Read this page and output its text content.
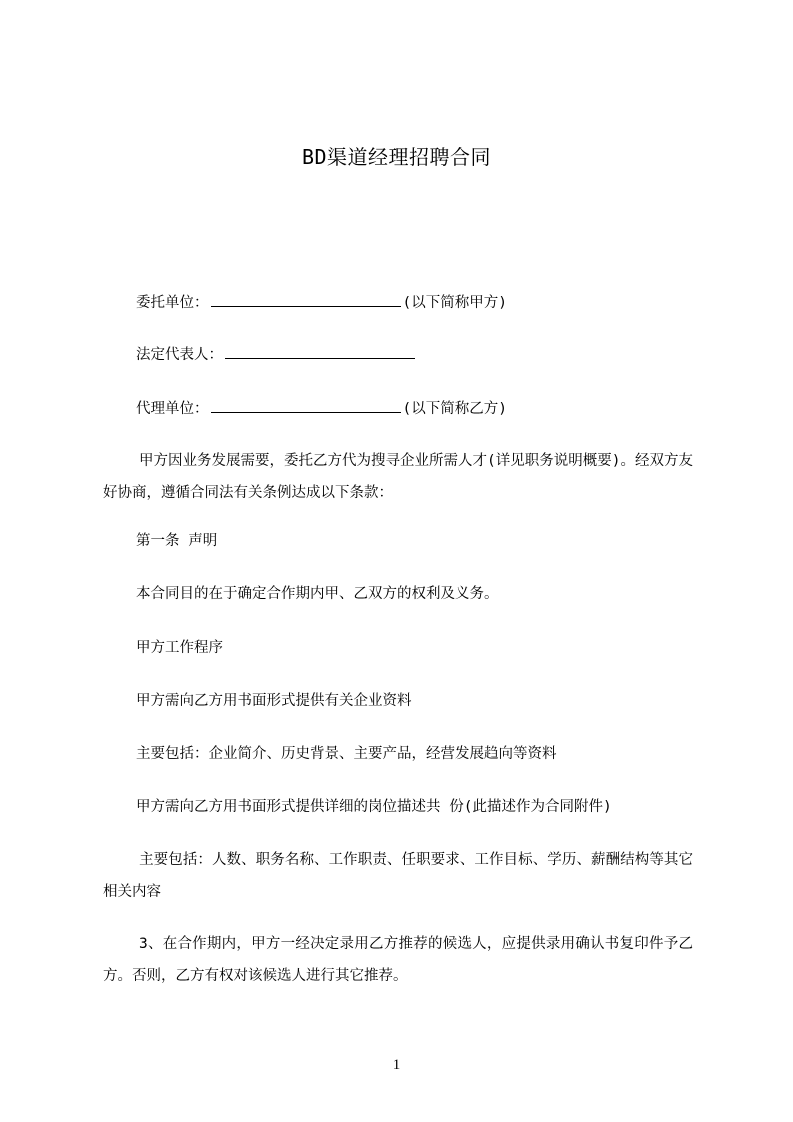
BD渠道经理招聘合同
委托单位：	(以下简称甲方)
法定代表人：
代理单位：	(以下简称乙方)
甲方因业务发展需要，委托乙方代为搜寻企业所需人才(详见职务说明概要)。经双方友好协商，遵循合同法有关条例达成以下条款：
第一条 声明
本合同目的在于确定合作期内甲、乙双方的权利及义务。
甲方工作程序
甲方需向乙方用书面形式提供有关企业资料
主要包括：企业简介、历史背景、主要产品，经营发展趋向等资料
甲方需向乙方用书面形式提供详细的岗位描述共 份(此描述作为合同附件)
主要包括：人数、职务名称、工作职责、任职要求、工作目标、学历、薪酬结构等其它相关内容
3、在合作期内，甲方一经决定录用乙方推荐的候选人，应提供录用确认书复印件予乙方。否则，乙方有权对该候选人进行其它推荐。
1
